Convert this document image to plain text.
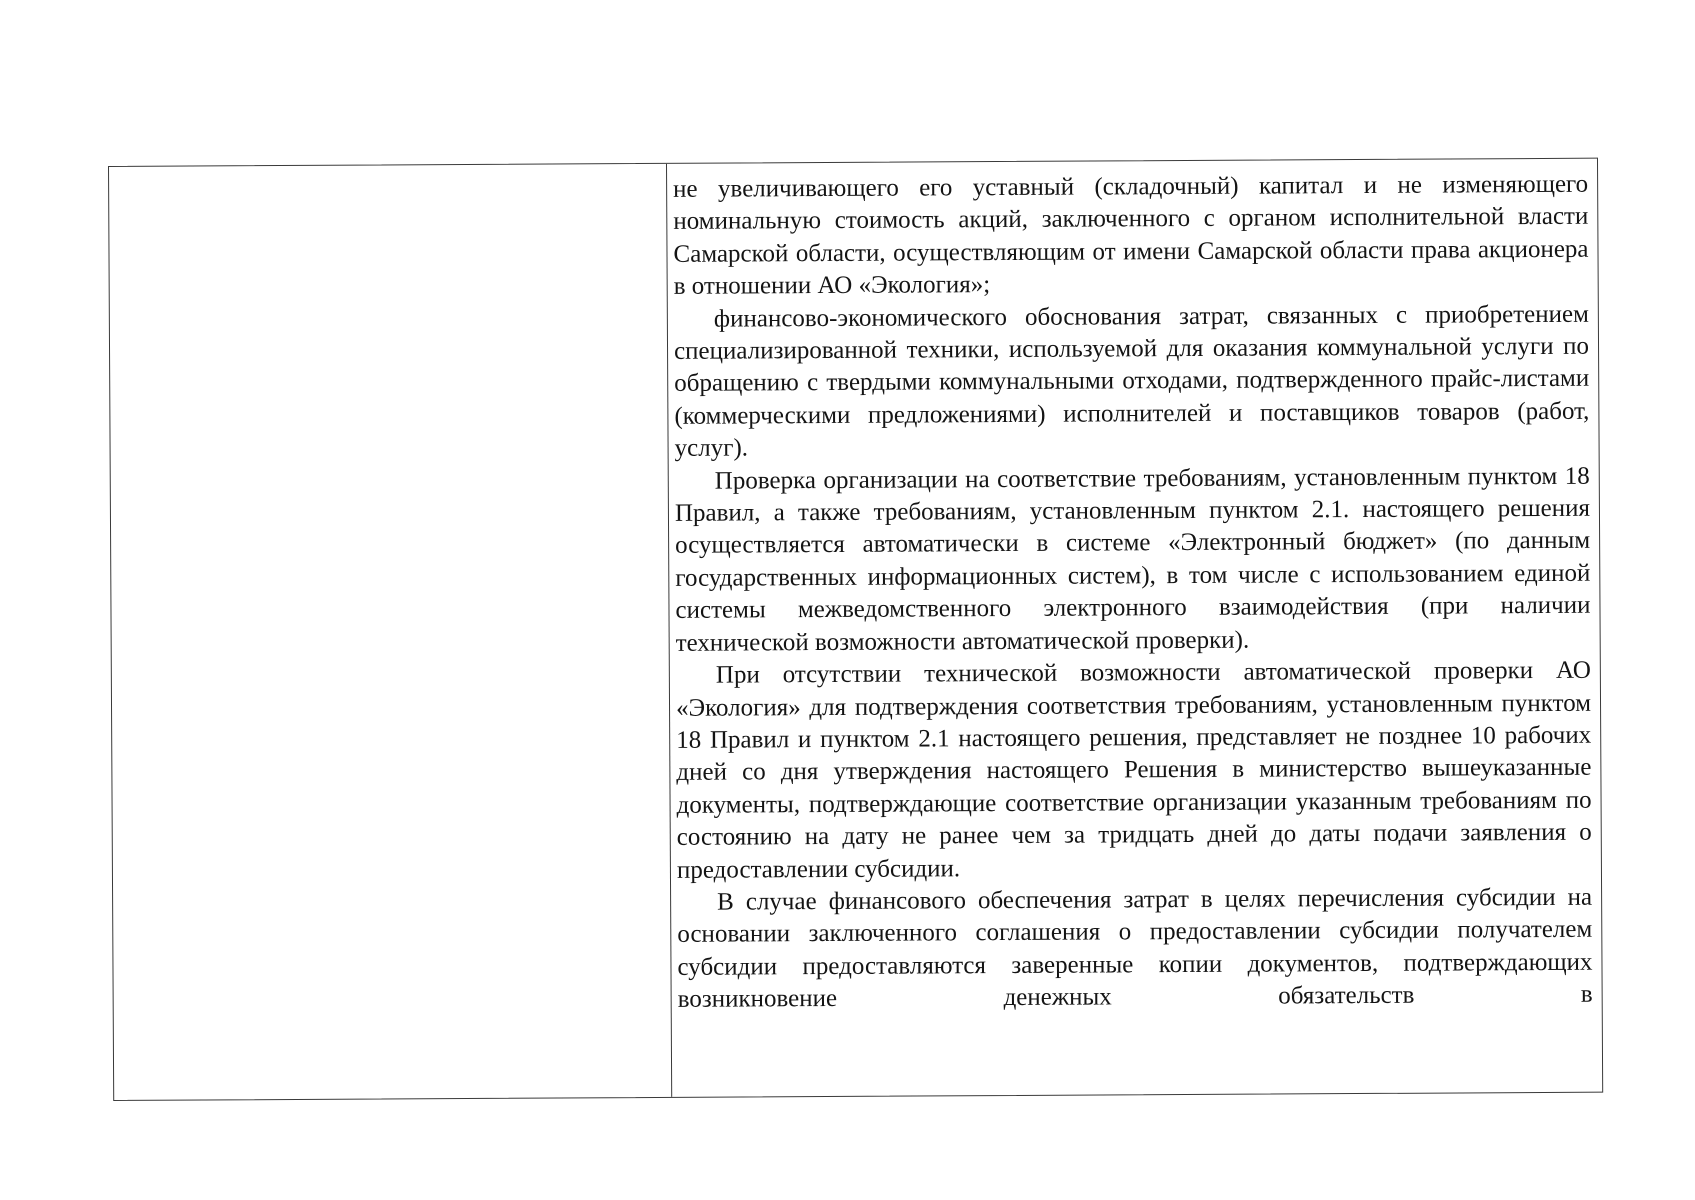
не увеличивающего его уставный (складочный) капитал и не изменяющего номинальную стоимость акций, заключенного с органом исполнительной власти Самарской области, осуществляющим от имени Самарской области права акционера в отношении АО «Экология»;

финансово-экономического обоснования затрат, связанных с приобретением специализированной техники, используемой для оказания коммунальной услуги по обращению с твердыми коммунальными отходами, подтвержденного прайс-листами (коммерческими предложениями) исполнителей и поставщиков товаров (работ, услуг).

Проверка организации на соответствие требованиям, установленным пунктом 18 Правил, а также требованиям, установленным пунктом 2.1. настоящего решения осуществляется автоматически в системе «Электронный бюджет» (по данным государственных информационных систем), в том числе с использованием единой системы межведомственного электронного взаимодействия (при наличии технической возможности автоматической проверки).

При отсутствии технической возможности автоматической проверки АО «Экология» для подтверждения соответствия требованиям, установленным пунктом 18 Правил и пунктом 2.1 настоящего решения, представляет не позднее 10 рабочих дней со дня утверждения настоящего Решения в министерство вышеуказанные документы, подтверждающие соответствие организации указанным требованиям по состоянию на дату не ранее чем за тридцать дней до даты подачи заявления о предоставлении субсидии.

В случае финансового обеспечения затрат в целях перечисления субсидии на основании заключенного соглашения о предоставлении субсидии получателем субсидии предоставляются заверенные копии документов, подтверждающих возникновение денежных обязательств в
